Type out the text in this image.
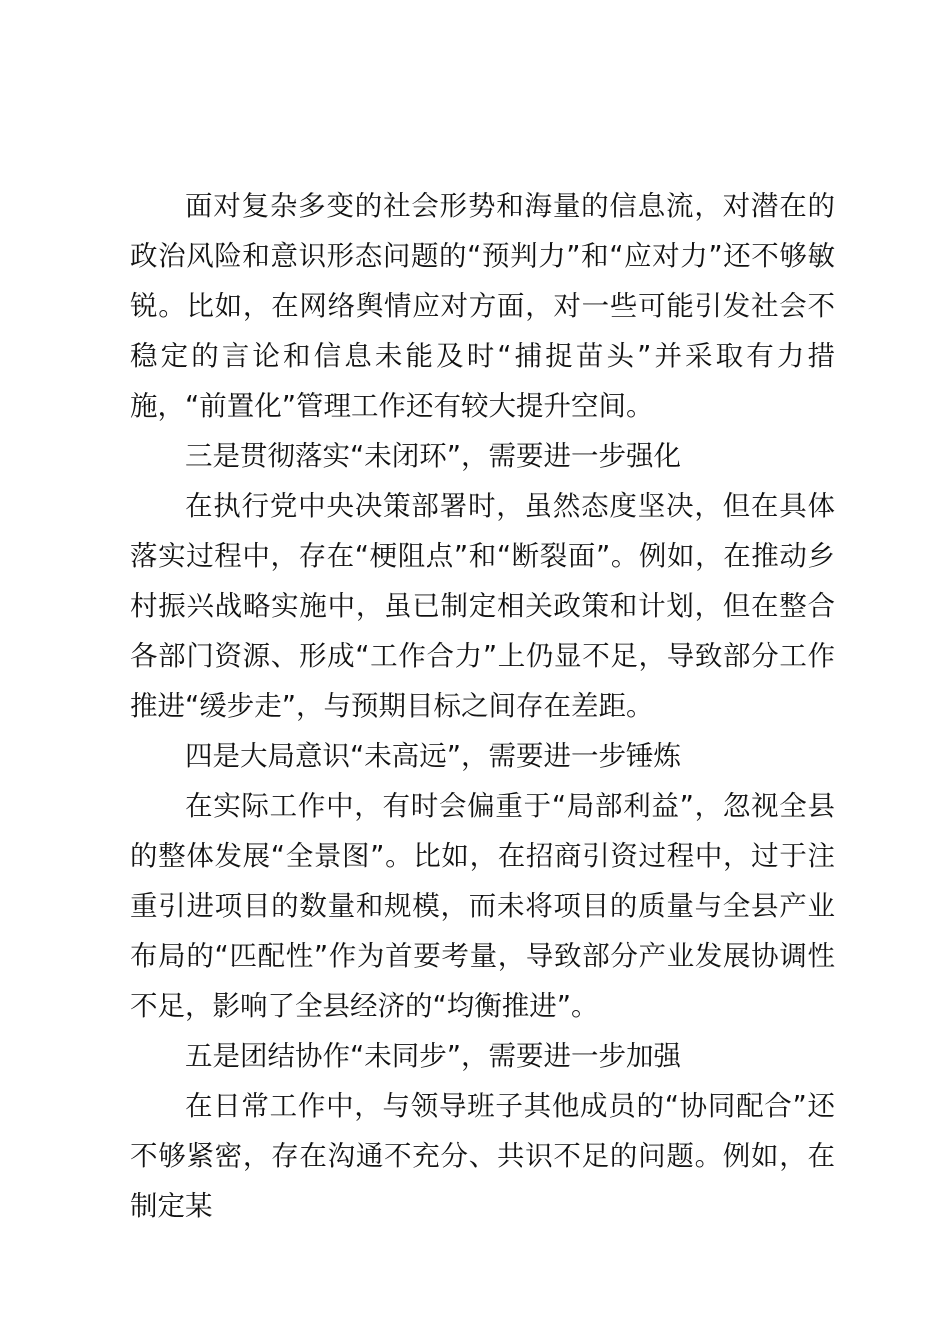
面对复杂多变的社会形势和海量的信息流，对潜在的政治风险和意识形态问题的“预判力”和“应对力”还不够敏锐。比如，在网络舆情应对方面，对一些可能引发社会不稳定的言论和信息未能及时“捕捉苗头”并采取有力措施，“前置化”管理工作还有较大提升空间。

三是贯彻落实“未闭环”，需要进一步强化

在执行党中央决策部署时，虽然态度坚决，但在具体落实过程中，存在“梗阻点”和“断裂面”。例如，在推动乡村振兴战略实施中，虽已制定相关政策和计划，但在整合各部门资源、形成“工作合力”上仍显不足，导致部分工作推进“缓步走”，与预期目标之间存在差距。

四是大局意识“未高远”，需要进一步锤炼

在实际工作中，有时会偏重于“局部利益”，忽视全县的整体发展“全景图”。比如，在招商引资过程中，过于注重引进项目的数量和规模，而未将项目的质量与全县产业布局的“匹配性”作为首要考量，导致部分产业发展协调性不足，影响了全县经济的“均衡推进”。

五是团结协作“未同步”，需要进一步加强

在日常工作中，与领导班子其他成员的“协同配合”还不够紧密，存在沟通不充分、共识不足的问题。例如，在制定某
